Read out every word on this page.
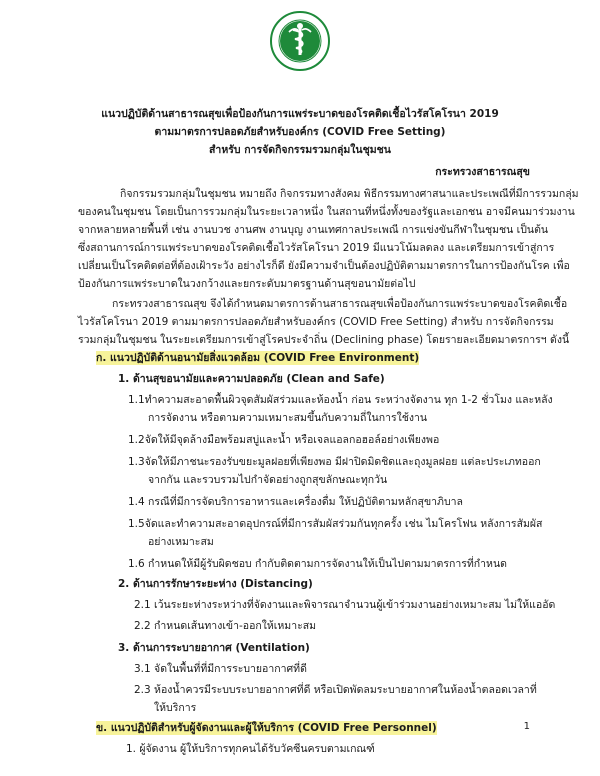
แนวปฏิบัติด้านสาธารณสุขเพื่อป้องกันการแพร่ระบาดของโรคติดเชื้อไวรัสโคโรนา 2019
ตามมาตรการปลอดภัยสำหรับองค์กร (COVID Free Setting)
สำหรับ การจัดกิจกรรมรวมกลุ่มในชุมชน
กระทรวงสาธารณสุข
กิจกรรมรวมกลุ่มในชุมชน หมายถึง กิจกรรมทางสังคม พิธีกรรมทางศาสนาและประเพณีที่มีการรวมกลุ่ม
ของคนในชุมชน โดยเป็นการรวมกลุ่มในระยะเวลาหนึ่ง ในสถานที่หนึ่งทั้งของรัฐและเอกชน อาจมีคนมาร่วมงาน
จากหลายหลายพื้นที่ เช่น งานบวช งานศพ งานบุญ งานเทศกาลประเพณี การแข่งขันกีฬาในชุมชน เป็นต้น
ซึ่งสถานการณ์การแพร่ระบาดของโรคติดเชื้อไวรัสโคโรนา 2019 มีแนวโน้มลดลง และเตรียมการเข้าสู่การ
เปลี่ยนเป็นโรคติดต่อที่ต้องเฝ้าระวัง อย่างไรก็ดี ยังมีความจำเป็นต้องปฏิบัติตามมาตรการในการป้องกันโรค เพื่อ
ป้องกันการแพร่ระบาดในวงกว้างและยกระดับมาตรฐานด้านสุขอนามัยต่อไป
กระทรวงสาธารณสุข จึงได้กำหนดมาตรการด้านสาธารณสุขเพื่อป้องกันการแพร่ระบาดของโรคติดเชื้อ
ไวรัสโคโรนา 2019 ตามมาตรการปลอดภัยสำหรับองค์กร (COVID Free Setting) สำหรับ การจัดกิจกรรม
รวมกลุ่มในชุมชน ในระยะเตรียมการเข้าสู่โรคประจำถิ่น (Declining phase) โดยรายละเอียดมาตรการฯ ดังนี้
ก. แนวปฏิบัติด้านอนามัยสิ่งแวดล้อม (COVID Free Environment)
1. ด้านสุขอนามัยและความปลอดภัย (Clean and Safe)
1.1ทำความสะอาดพื้นผิวจุดสัมผัสร่วมและห้องน้ำ ก่อน ระหว่างจัดงาน ทุก 1-2 ชั่วโมง และหลัง
การจัดงาน หรือตามความเหมาะสมขึ้นกับความถี่ในการใช้งาน
1.2จัดให้มีจุดล้างมือพร้อมสบู่และน้ำ หรือเจลแอลกอฮอล์อย่างเพียงพอ
1.3จัดให้มีภาชนะรองรับขยะมูลฝอยที่เพียงพอ มีฝาปิดมิดชิดและถุงมูลฝอย แต่ละประเภทออก
จากกัน และรวบรวมไปกำจัดอย่างถูกสุขลักษณะทุกวัน
1.4 กรณีที่มีการจัดบริการอาหารและเครื่องดื่ม ให้ปฏิบัติตามหลักสุขาภิบาล
1.5จัดและทำความสะอาดอุปกรณ์ที่มีการสัมผัสร่วมกันทุกครั้ง เช่น ไมโครโฟน หลังการสัมผัส
อย่างเหมาะสม
1.6 กำหนดให้มีผู้รับผิดชอบ กำกับติดตามการจัดงานให้เป็นไปตามมาตรการที่กำหนด
2. ด้านการรักษาระยะห่าง (Distancing)
2.1 เว้นระยะห่างระหว่างที่จัดงานและพิจารณาจำนวนผู้เข้าร่วมงานอย่างเหมาะสม ไม่ให้แออัด
2.2 กำหนดเส้นทางเข้า-ออกให้เหมาะสม
3. ด้านการระบายอากาศ (Ventilation)
3.1 จัดในพื้นที่ที่มีการระบายอากาศที่ดี
2.3 ห้องน้ำควรมีระบบระบายอากาศที่ดี หรือเปิดพัดลมระบายอากาศในห้องน้ำตลอดเวลาที่
ให้บริการ
ข. แนวปฏิบัติสำหรับผู้จัดงานและผู้ให้บริการ (COVID Free Personnel)
1. ผู้จัดงาน ผู้ให้บริการทุกคนได้รับวัคซีนครบตามเกณฑ์
1
